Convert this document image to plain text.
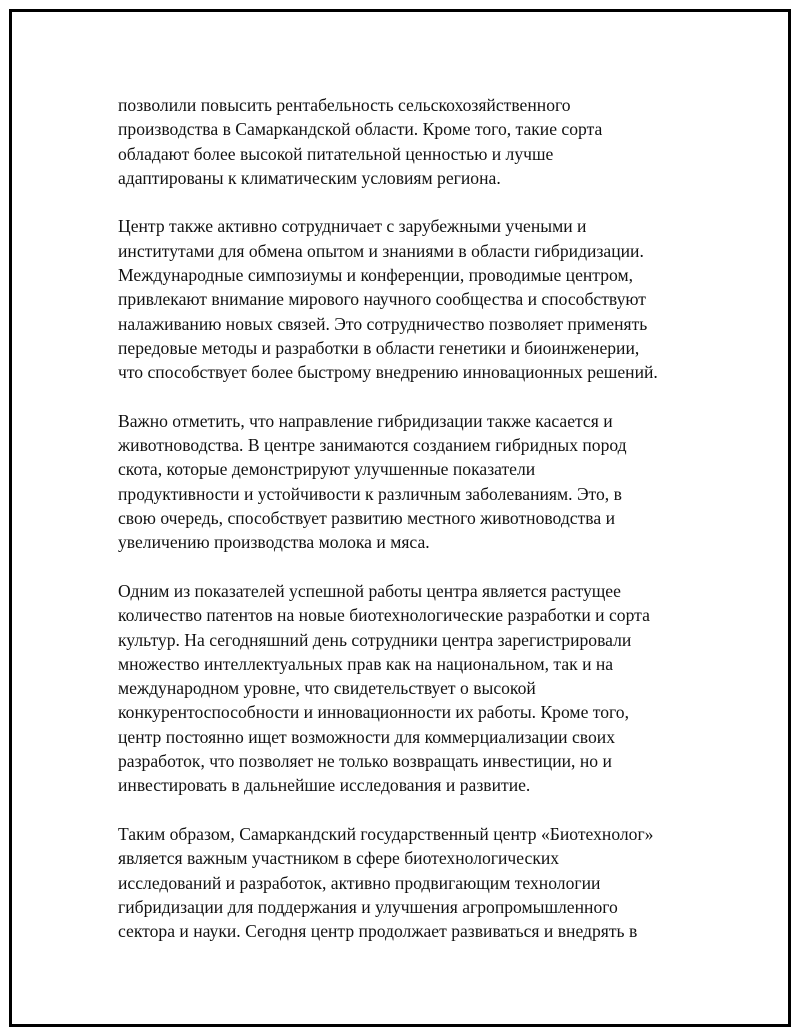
позволили повысить рентабельность сельскохозяйственного
производства в Самаркандской области. Кроме того, такие сорта
обладают более высокой питательной ценностью и лучше
адаптированы к климатическим условиям региона.

Центр также активно сотрудничает с зарубежными учеными и
институтами для обмена опытом и знаниями в области гибридизации.
Международные симпозиумы и конференции, проводимые центром,
привлекают внимание мирового научного сообщества и способствуют
налаживанию новых связей. Это сотрудничество позволяет применять
передовые методы и разработки в области генетики и биоинженерии,
что способствует более быстрому внедрению инновационных решений.

Важно отметить, что направление гибридизации также касается и
животноводства. В центре занимаются созданием гибридных пород
скота, которые демонстрируют улучшенные показатели
продуктивности и устойчивости к различным заболеваниям. Это, в
свою очередь, способствует развитию местного животноводства и
увеличению производства молока и мяса.

Одним из показателей успешной работы центра является растущее
количество патентов на новые биотехнологические разработки и сорта
культур. На сегодняшний день сотрудники центра зарегистрировали
множество интеллектуальных прав как на национальном, так и на
международном уровне, что свидетельствует о высокой
конкурентоспособности и инновационности их работы. Кроме того,
центр постоянно ищет возможности для коммерциализации своих
разработок, что позволяет не только возвращать инвестиции, но и
инвестировать в дальнейшие исследования и развитие.

Таким образом, Самаркандский государственный центр «Биотехнолог»
является важным участником в сфере биотехнологических
исследований и разработок, активно продвигающим технологии
гибридизации для поддержания и улучшения агропромышленного
сектора и науки. Сегодня центр продолжает развиваться и внедрять в
